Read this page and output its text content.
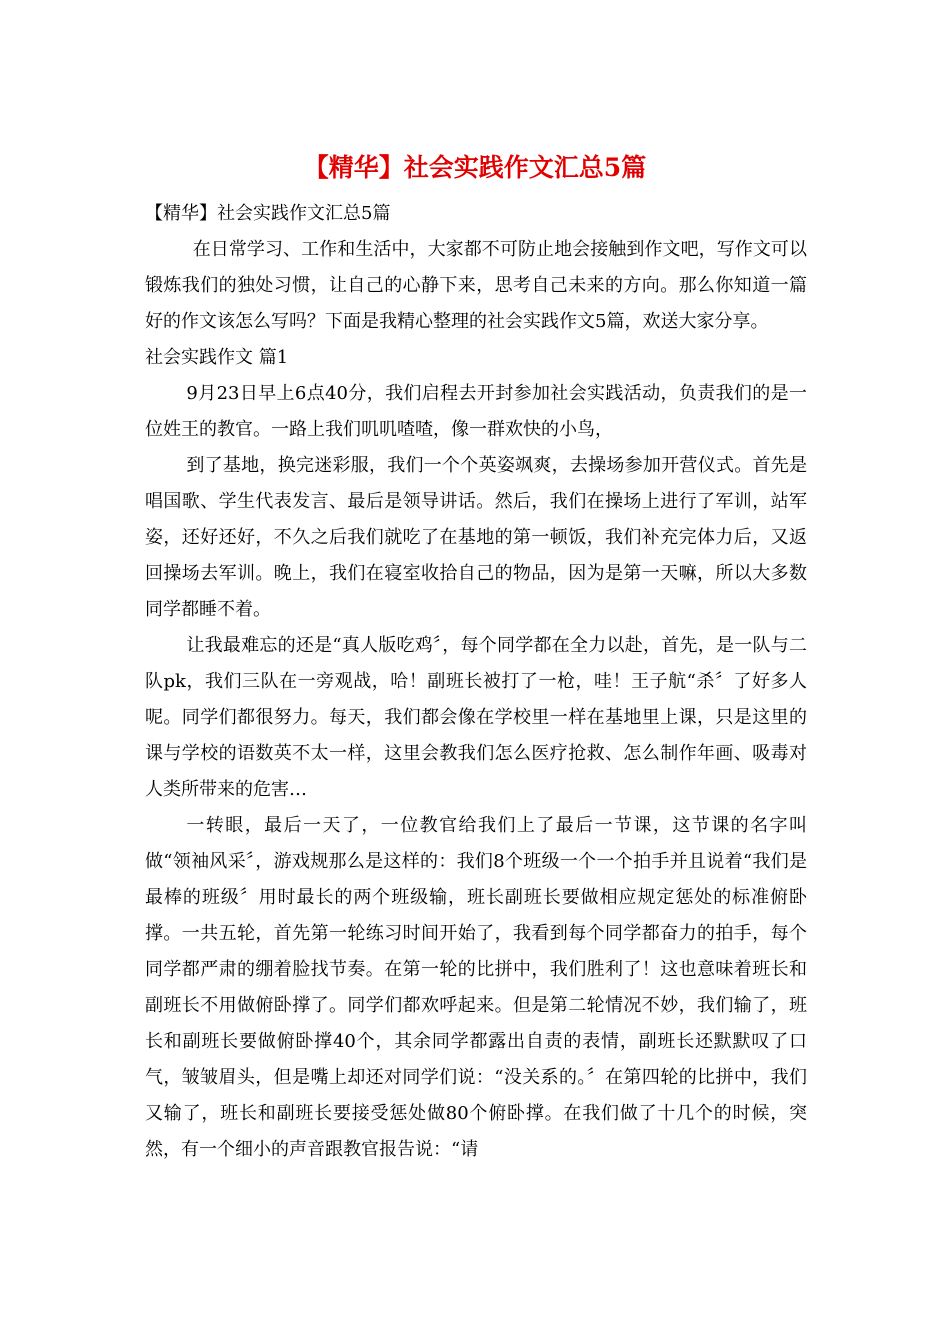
【精华】社会实践作文汇总5篇

【精华】社会实践作文汇总5篇

在日常学习、工作和生活中，大家都不可防止地会接触到作文吧，写作文可以锻炼我们的独处习惯，让自己的心静下来，思考自己未来的方向。那么你知道一篇好的作文该怎么写吗？下面是我精心整理的社会实践作文5篇，欢送大家分享。

社会实践作文 篇1

9月23日早上6点40分，我们启程去开封参加社会实践活动，负责我们的是一位姓王的教官。一路上我们叽叽喳喳，像一群欢快的小鸟，

到了基地，换完迷彩服，我们一个个英姿飒爽，去操场参加开营仪式。首先是唱国歌、学生代表发言、最后是领导讲话。然后，我们在操场上进行了军训，站军姿，还好还好，不久之后我们就吃了在基地的第一顿饭，我们补充完体力后，又返回操场去军训。晚上，我们在寝室收拾自己的物品，因为是第一天嘛，所以大多数同学都睡不着。

让我最难忘的还是“真人版吃鸡〞，每个同学都在全力以赴，首先，是一队与二队pk，我们三队在一旁观战，哈！副班长被打了一枪，哇！王子航“杀〞了好多人呢。同学们都很努力。每天，我们都会像在学校里一样在基地里上课，只是这里的课与学校的语数英不太一样，这里会教我们怎么医疗抢救、怎么制作年画、吸毒对人类所带来的危害…

一转眼，最后一天了，一位教官给我们上了最后一节课，这节课的名字叫做“领袖风采〞，游戏规那么是这样的：我们8个班级一个一个拍手并且说着“我们是最棒的班级〞用时最长的两个班级输，班长副班长要做相应规定惩处的标准俯卧撑。一共五轮，首先第一轮练习时间开始了，我看到每个同学都奋力的拍手，每个同学都严肃的绷着脸找节奏。在第一轮的比拼中，我们胜利了！这也意味着班长和副班长不用做俯卧撑了。同学们都欢呼起来。但是第二轮情况不妙，我们输了，班长和副班长要做俯卧撑40个，其余同学都露出自责的表情，副班长还默默叹了口气，皱皱眉头，但是嘴上却还对同学们说：“没关系的。〞在第四轮的比拼中，我们又输了，班长和副班长要接受惩处做80个俯卧撑。在我们做了十几个的时候，突然，有一个细小的声音跟教官报告说：“请
